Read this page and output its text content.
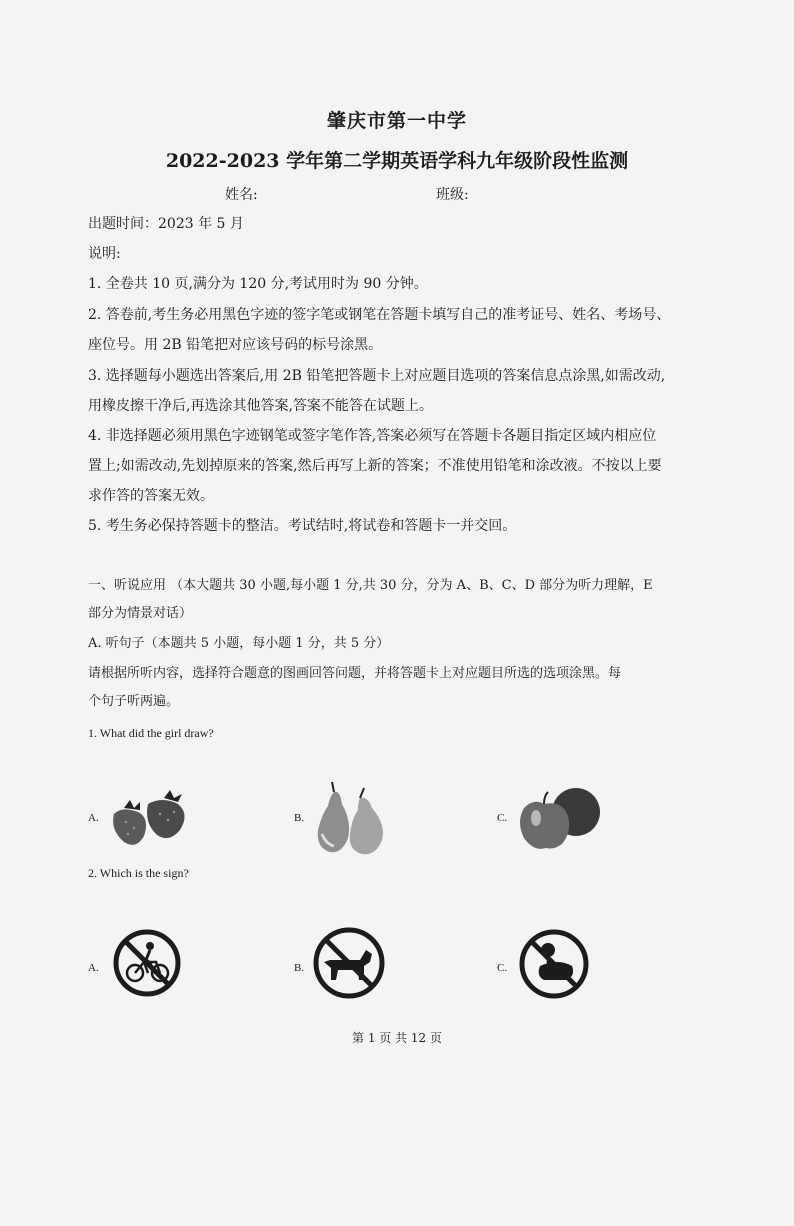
肇庆市第一中学
2022-2023 学年第二学期英语学科九年级阶段性监测
姓名:	班级:
出题时间：2023 年 5 月
说明:
1. 全卷共 10 页,满分为 120 分,考试用时为 90 分钟。
2. 答卷前,考生务必用黑色字迹的签字笔或钢笔在答题卡填写自己的准考证号、姓名、考场号、
座位号。用 2B 铅笔把对应该号码的标号涂黑。
3. 选择题每小题选出答案后,用 2B 铅笔把答题卡上对应题目选项的答案信息点涂黑,如需改动,
用橡皮擦干净后,再选涂其他答案,答案不能答在试题上。
4. 非选择题必须用黑色字迹钢笔或签字笔作答,答案必须写在答题卡各题目指定区域内相应位
置上;如需改动,先划掉原来的答案,然后再写上新的答案；不准使用铅笔和涂改液。不按以上要
求作答的答案无效。
5. 考生务必保持答题卡的整洁。考试结时,将试卷和答题卡一并交回。
一、听说应用 （本大题共 30 小题,每小题 1 分,共 30 分，分为 A、B、C、D 部分为听力理解，E
部分为情景对话）
A. 听句子（本题共 5 小题，每小题 1 分，共 5 分）
请根据所听内容，选择符合题意的图画回答问题，并将答题卡上对应题目所选的选项涂黑。每
个句子听两遍。
1. What did the girl draw?
A.	B.	C.
2. Which is the sign?
A.	B.	C.
第 1 页 共 12 页
